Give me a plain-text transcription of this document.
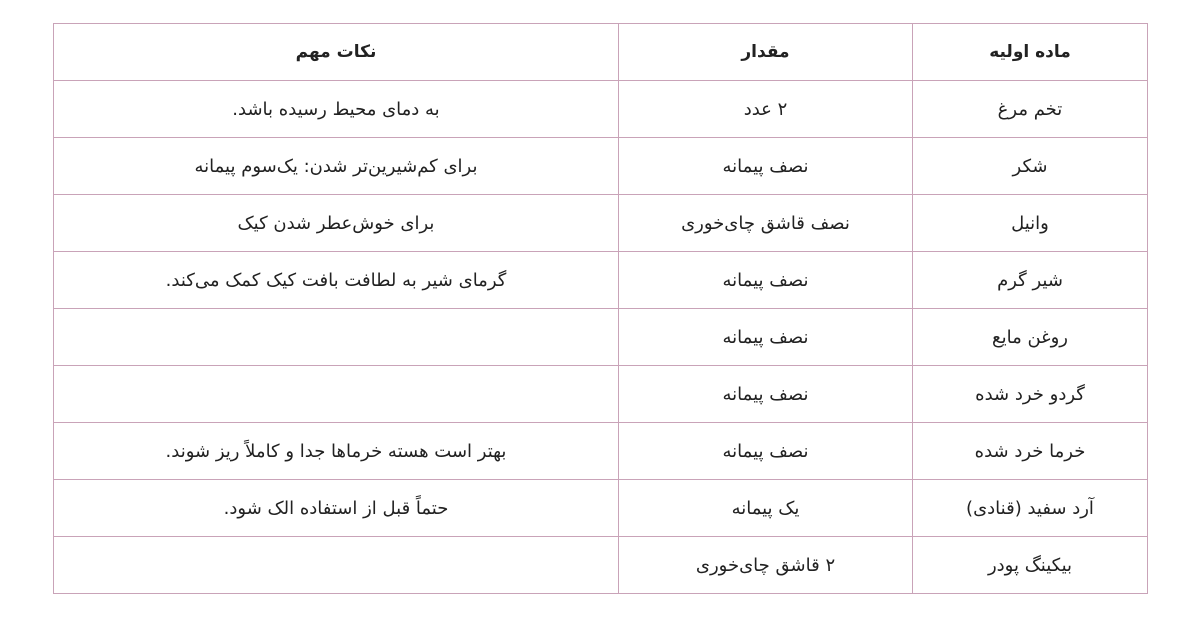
ماده اولیه	مقدار	نکات مهم
تخم مرغ	۲ عدد	به دمای محیط رسیده باشد.
شکر	نصف پیمانه	برای کم‌شیرین‌تر شدن: یک‌سوم پیمانه
وانیل	نصف قاشق چای‌خوری	برای خوش‌عطر شدن کیک
شیر گرم	نصف پیمانه	گرمای شیر به لطافت بافت کیک کمک می‌کند.
روغن مایع	نصف پیمانه	
گردو خرد شده	نصف پیمانه	
خرما خرد شده	نصف پیمانه	بهتر است هسته خرماها جدا و کاملاً ریز شوند.
آرد سفید (قنادی)	یک پیمانه	حتماً قبل از استفاده الک شود.
بیکینگ پودر	۲ قاشق چای‌خوری	
